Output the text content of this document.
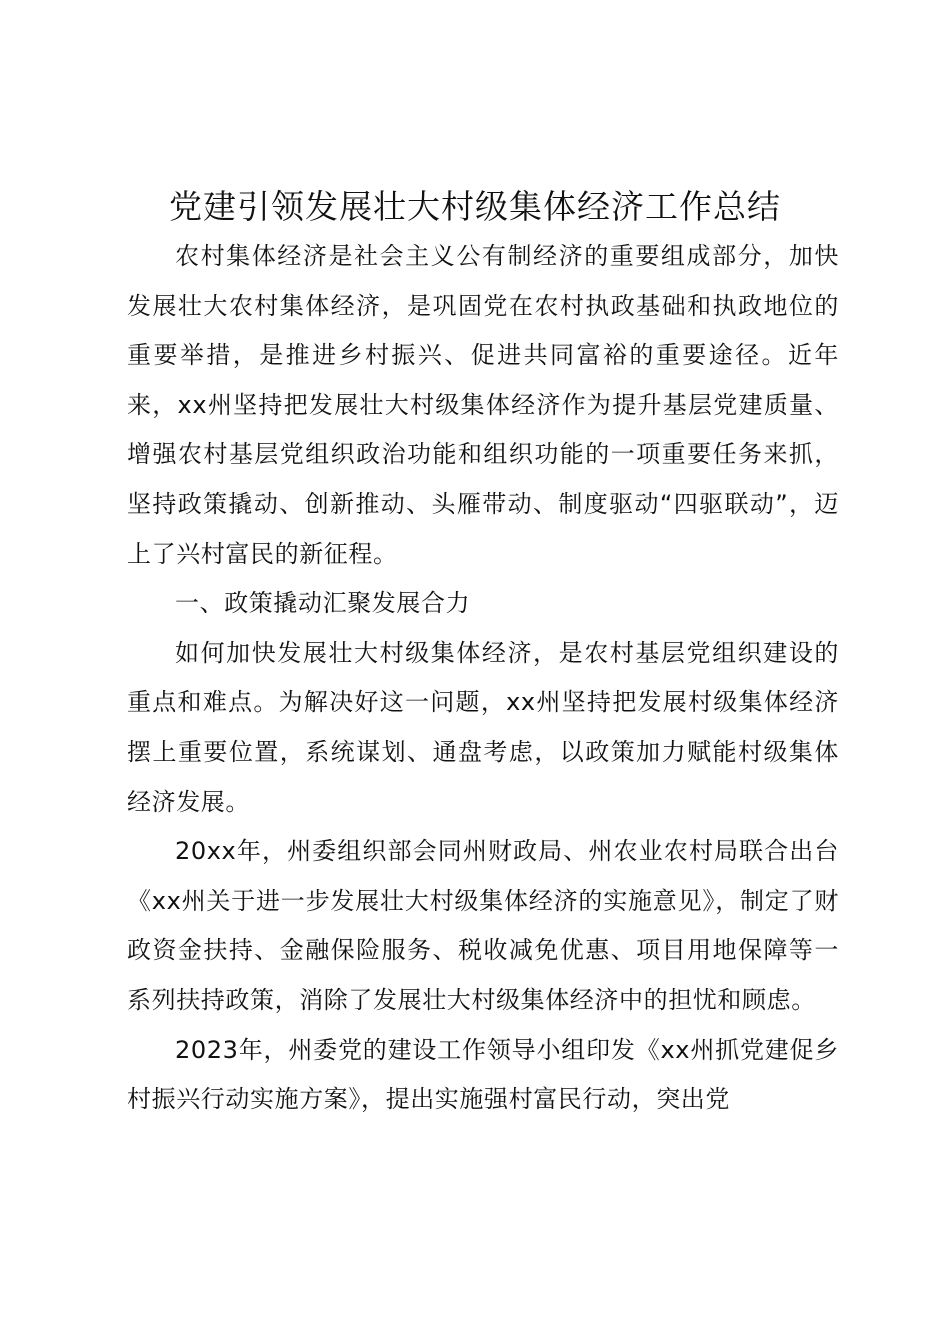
党建引领发展壮大村级集体经济工作总结

农村集体经济是社会主义公有制经济的重要组成部分，加快发展壮大农村集体经济，是巩固党在农村执政基础和执政地位的重要举措，是推进乡村振兴、促进共同富裕的重要途径。近年来，xx州坚持把发展壮大村级集体经济作为提升基层党建质量、增强农村基层党组织政治功能和组织功能的一项重要任务来抓，坚持政策撬动、创新推动、头雁带动、制度驱动“四驱联动”，迈上了兴村富民的新征程。

一、政策撬动汇聚发展合力

如何加快发展壮大村级集体经济，是农村基层党组织建设的重点和难点。为解决好这一问题，xx州坚持把发展村级集体经济摆上重要位置，系统谋划、通盘考虑，以政策加力赋能村级集体经济发展。

20xx年，州委组织部会同州财政局、州农业农村局联合出台《xx州关于进一步发展壮大村级集体经济的实施意见》，制定了财政资金扶持、金融保险服务、税收减免优惠、项目用地保障等一系列扶持政策，消除了发展壮大村级集体经济中的担忧和顾虑。

2023年，州委党的建设工作领导小组印发《xx州抓党建促乡村振兴行动实施方案》，提出实施强村富民行动，突出党
